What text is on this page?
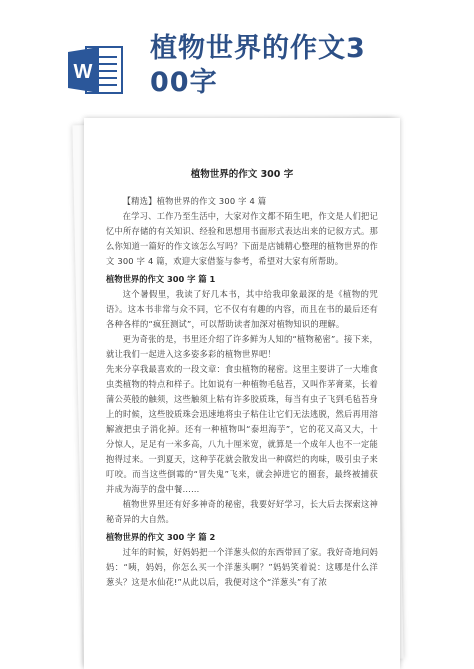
W
植物世界的作文3
00字
植物世界的作文 300 字

【精选】植物世界的作文 300 字 4 篇

在学习、工作乃至生活中，大家对作文都不陌生吧，作文是人们把记忆中所存储的有关知识、经验和思想用书面形式表达出来的记叙方式。那么你知道一篇好的作文该怎么写吗？下面是店铺精心整理的植物世界的作文 300 字 4 篇，欢迎大家借鉴与参考，希望对大家有所帮助。

植物世界的作文 300 字 篇 1

这个暑假里，我读了好几本书，其中给我印象最深的是《植物的咒语》。这本书非常与众不同，它不仅有有趣的内容，而且在书的最后还有各种各样的“疯狂测试”，可以帮助读者加深对植物知识的理解。

更为奇张的是，书里还介绍了许多鲜为人知的“植物秘密”。接下来，就让我们一起进入这多姿多彩的植物世界吧！

先来分享我最喜欢的一段文章：食虫植物的秘密。这里主要讲了一大堆食虫类植物的特点和样子。比如说有一种植物毛毡苔，又叫作茅膏菜，长着蒲公英般的触须，这些触须上粘有许多胶质珠，每当有虫子飞到毛毡苔身上的时候，这些胶质珠会迅速地将虫子粘住让它们无法逃脱，然后再用溶解液把虫子消化掉。还有一种植物叫“泰坦海芋”，它的花又高又大，十分惊人，足足有一米多高，八九十厘米宽，就算是一个成年人也不一定能抱得过来。一到夏天，这种芋花就会散发出一种腐烂的肉味，吸引虫子来叮咬。而当这些倒霉的“冒失鬼”飞来，就会掉进它的圈套，最终被捕获并成为海芋的盘中餐……

植物世界里还有好多神奇的秘密，我要好好学习，长大后去探索这神秘奇异的大自然。

植物世界的作文 300 字 篇 2

过年的时候，好妈妈把一个洋葱头似的东西带回了家。我好奇地问妈妈：“咦，妈妈，你怎么买一个洋葱头啊？”妈妈笑着说：这哪是什么洋葱头？这是水仙花!”从此以后，我便对这个“洋葱头”有了浓
